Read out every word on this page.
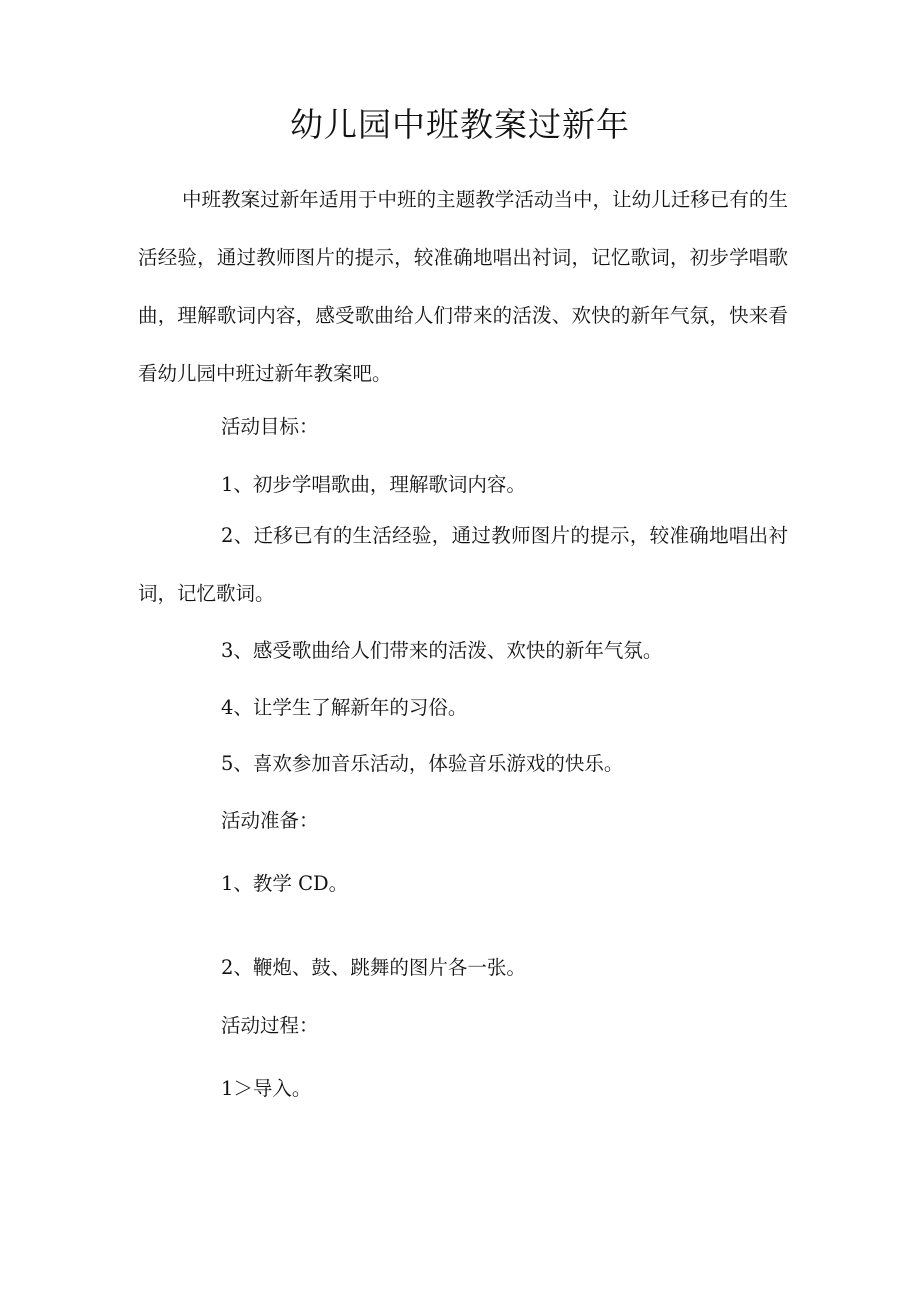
幼儿园中班教案过新年

中班教案过新年适用于中班的主题教学活动当中，让幼儿迁移已有的生活经验，通过教师图片的提示，较准确地唱出衬词，记忆歌词，初步学唱歌曲，理解歌词内容，感受歌曲给人们带来的活泼、欢快的新年气氛，快来看看幼儿园中班过新年教案吧。

活动目标：

1、初步学唱歌曲，理解歌词内容。

2、迁移已有的生活经验，通过教师图片的提示，较准确地唱出衬词，记忆歌词。

3、感受歌曲给人们带来的活泼、欢快的新年气氛。

4、让学生了解新年的习俗。

5、喜欢参加音乐活动，体验音乐游戏的快乐。

活动准备：

1、教学 CD。

2、鞭炮、鼓、跳舞的图片各一张。

活动过程：

1＞导入。
